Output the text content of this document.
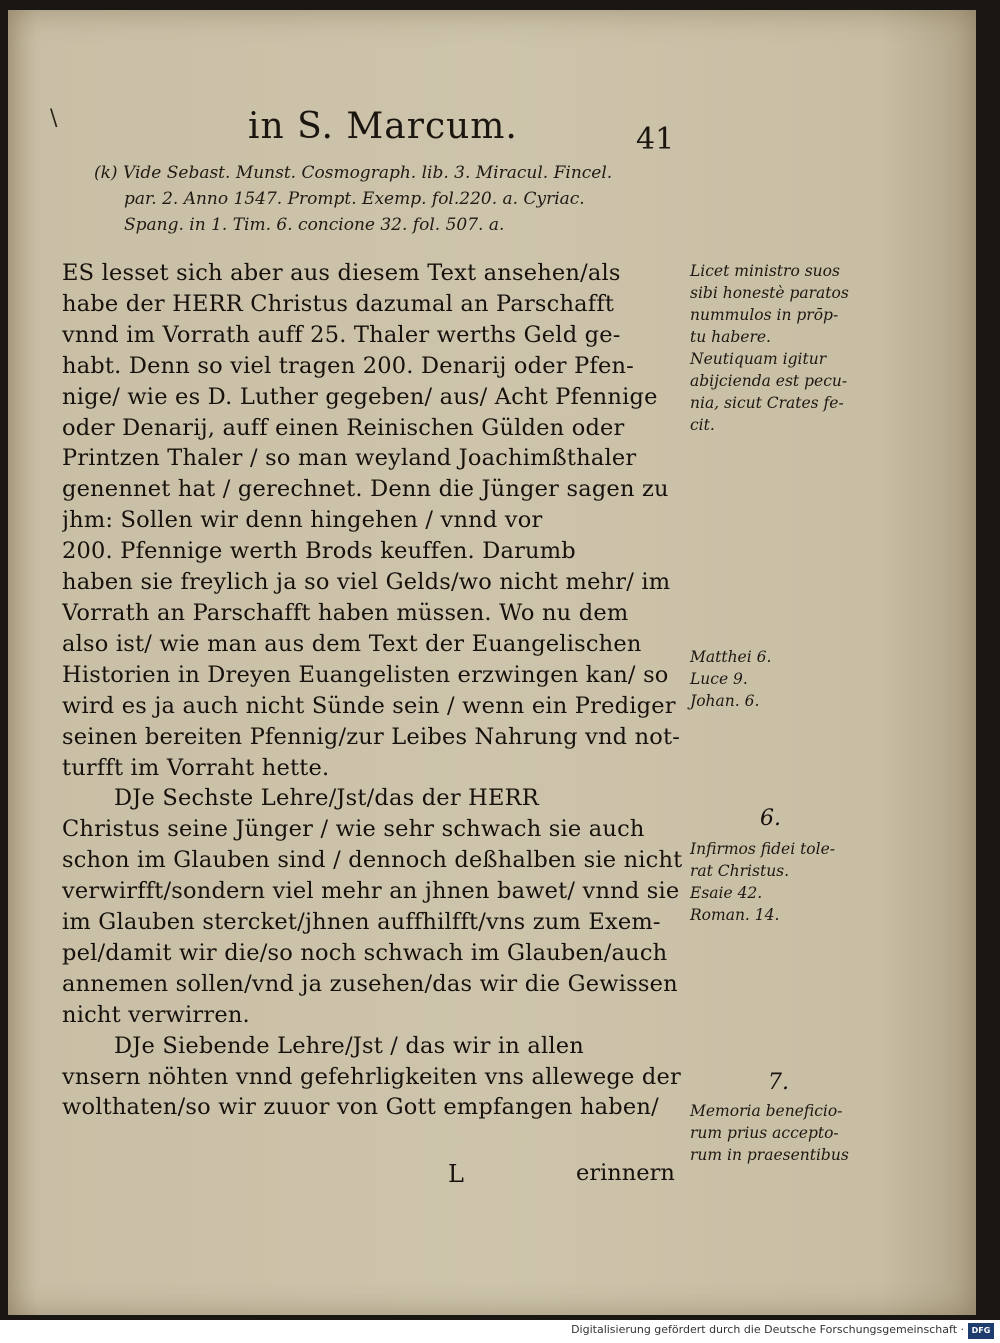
\	in S. Marcum.	41
(k) Vide Sebast. Munst. Cosmograph. lib. 3. Miracul. Fincel.
par. 2. Anno 1547. Prompt. Exemp. fol.220. a. Cyriac.
Spang. in 1. Tim. 6. concione 32. fol. 507. a.
ES lesset sich aber aus diesem Text ansehen/als
habe der HERR Christus dazumal an Parschafft
vnnd im Vorrath auff 25. Thaler werths Geld ge-
habt. Denn so viel tragen 200. Denarij oder Pfen-
nige/ wie es D. Luther gegeben/ aus/ Acht Pfennige
oder Denarij, auff einen Reinischen Gülden oder
Printzen Thaler / so man weyland Joachimßthaler
genennet hat / gerechnet. Denn die Jünger sagen zu
jhm: Sollen wir denn hingehen / vnnd vor
200. Pfennige werth Brods keuffen. Darumb
haben sie freylich ja so viel Gelds/wo nicht mehr/ im
Vorrath an Parschafft haben müssen. Wo nu dem
also ist/ wie man aus dem Text der Euangelischen
Historien in Dreyen Euangelisten erzwingen kan/ so
wird es ja auch nicht Sünde sein / wenn ein Prediger
seinen bereiten Pfennig/zur Leibes Nahrung vnd not-
turfft im Vorraht hette.
DJe Sechste Lehre/Jst/das der HERR
Christus seine Jünger / wie sehr schwach sie auch
schon im Glauben sind / dennoch deßhalben sie nicht
verwirfft/sondern viel mehr an jhnen bawet/ vnnd sie
im Glauben stercket/jhnen auffhilfft/vns zum Exem-
pel/damit wir die/so noch schwach im Glauben/auch
annemen sollen/vnd ja zusehen/das wir die Gewissen
nicht verwirren.
DJe Siebende Lehre/Jst / das wir in allen
vnsern nöhten vnnd gefehrligkeiten vns allewege der
wolthaten/so wir zuuor von Gott empfangen haben/
Licet ministro suos
sibi honestè paratos
nummulos in prōp-
tu habere.
Neutiquam igitur
abijcienda est pecu-
nia, sicut Crates fe-
cit.
Matthei 6.
Luce 9.
Johan. 6.
6.
Infirmos fidei tole-
rat Christus.
Esaie 42.
Roman. 14.
7.
Memoria beneficio-
rum prius accepto-
rum in praesentibus
L	erinnern
Digitalisierung gefördert durch die Deutsche Forschungsgemeinschaft · DFG
